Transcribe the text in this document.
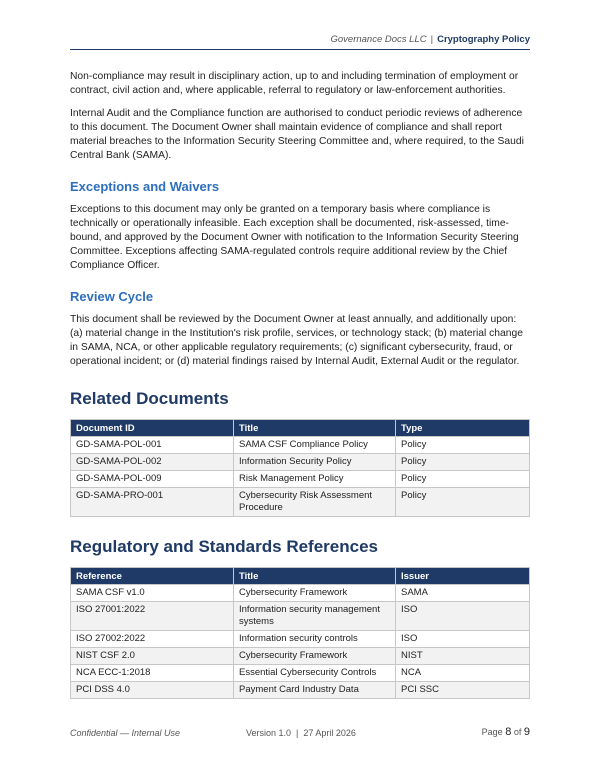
Governance Docs LLC | Cryptography Policy

Non-compliance may result in disciplinary action, up to and including termination of employment or contract, civil action and, where applicable, referral to regulatory or law-enforcement authorities.

Internal Audit and the Compliance function are authorised to conduct periodic reviews of adherence to this document. The Document Owner shall maintain evidence of compliance and shall report material breaches to the Information Security Steering Committee and, where required, to the Saudi Central Bank (SAMA).

Exceptions and Waivers

Exceptions to this document may only be granted on a temporary basis where compliance is technically or operationally infeasible. Each exception shall be documented, risk-assessed, time-bound, and approved by the Document Owner with notification to the Information Security Steering Committee. Exceptions affecting SAMA-regulated controls require additional review by the Chief Compliance Officer.

Review Cycle

This document shall be reviewed by the Document Owner at least annually, and additionally upon: (a) material change in the Institution's risk profile, services, or technology stack; (b) material change in SAMA, NCA, or other applicable regulatory requirements; (c) significant cybersecurity, fraud, or operational incident; or (d) material findings raised by Internal Audit, External Audit or the regulator.

Related Documents
Document ID	Title	Type
GD-SAMA-POL-001	SAMA CSF Compliance Policy	Policy
GD-SAMA-POL-002	Information Security Policy	Policy
GD-SAMA-POL-009	Risk Management Policy	Policy
GD-SAMA-PRO-001	Cybersecurity Risk Assessment Procedure	Policy
Regulatory and Standards References
Reference	Title	Issuer
SAMA CSF v1.0	Cybersecurity Framework	SAMA
ISO 27001:2022	Information security management systems	ISO
ISO 27002:2022	Information security controls	ISO
NIST CSF 2.0	Cybersecurity Framework	NIST
NCA ECC-1:2018	Essential Cybersecurity Controls	NCA
PCI DSS 4.0	Payment Card Industry Data	PCI SSC
Confidential — Internal Use	Version 1.0  |  27 April 2026	Page 8 of 9
